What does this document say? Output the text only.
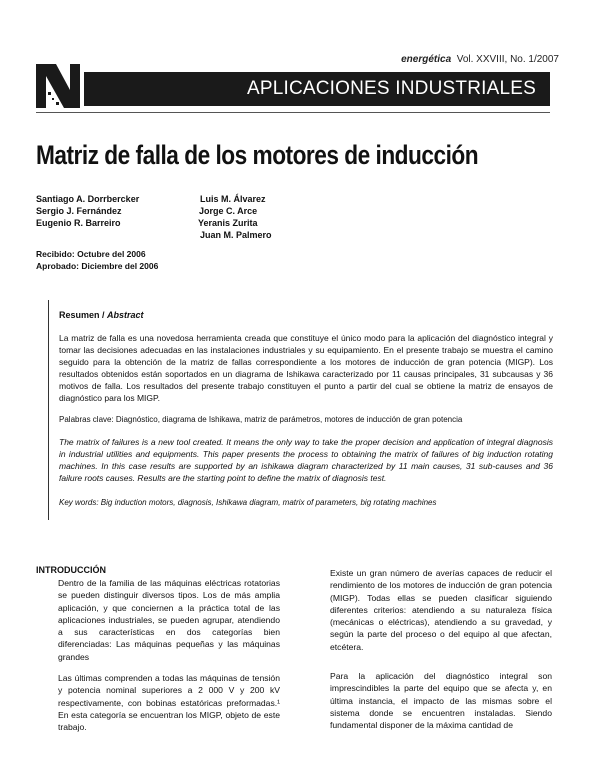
energética Vol. XXVIII, No. 1/2007
APLICACIONES INDUSTRIALES
Matriz de falla de los motores de inducción
Santiago A. Dorrbercker
Sergio J. Fernández
Eugenio R. Barreiro
Luis M. Álvarez
Jorge C. Arce
Yeranis Zurita
Juan M. Palmero
Recibido: Octubre del 2006
Aprobado: Diciembre del 2006
Resumen / Abstract
La matriz de falla es una novedosa herramienta creada que constituye el único modo para la aplicación del diagnóstico integral y tomar las decisiones adecuadas en las instalaciones industriales y su equipamiento. En el presente trabajo se muestra el camino seguido para la obtención de la matriz de fallas correspondiente a los motores de inducción de gran potencia (MIGP). Los resultados obtenidos están soportados en un diagrama de Ishikawa caracterizado por 11 causas principales, 31 subcausas y 36 motivos de falla. Los resultados del presente trabajo constituyen el punto a partir del cual se obtiene la matriz de ensayos de diagnóstico para los MIGP.
Palabras clave: Diagnóstico, diagrama de Ishikawa, matriz de parámetros, motores de inducción de gran potencia
The matrix of failures is a new tool created. It means the only way to take the proper decision and application of integral diagnosis in industrial utilities and equipments. This paper presents the process to obtaining the matrix of failures of big induction rotating machines. In this case results are supported by an ishikawa diagram characterized by 11 main causes, 31 sub-causes and 36 failure roots causes. Results are the starting point to define the matrix of diagnosis test.
Key words: Big induction motors, diagnosis, Ishikawa diagram, matrix of parameters, big rotating machines
INTRODUCCIÓN
Dentro de la familia de las máquinas eléctricas rotatorias se pueden distinguir diversos tipos. Los de más amplia aplicación, y que conciernen a la práctica total de las aplicaciones industriales, se pueden agrupar, atendiendo a sus características en dos categorías bien diferenciadas: Las máquinas pequeñas y las máquinas grandes
Las últimas comprenden a todas las máquinas de tensión y potencia nominal superiores a 2 000 V y 200 kV respectivamente, con bobinas estatóricas preformadas.¹ En esta categoría se encuentran los MIGP, objeto de este trabajo.
Existe un gran número de averías capaces de reducir el rendimiento de los motores de inducción de gran potencia (MIGP). Todas ellas se pueden clasificar siguiendo diferentes criterios: atendiendo a su naturaleza física (mecánicas o eléctricas), atendiendo a su gravedad, y según la parte del proceso o del equipo al que afectan, etcétera.
Para la aplicación del diagnóstico integral son imprescindibles la parte del equipo que se afecta y, en última instancia, el impacto de las mismas sobre el sistema donde se encuentren instaladas. Siendo fundamental disponer de la máxima cantidad de
